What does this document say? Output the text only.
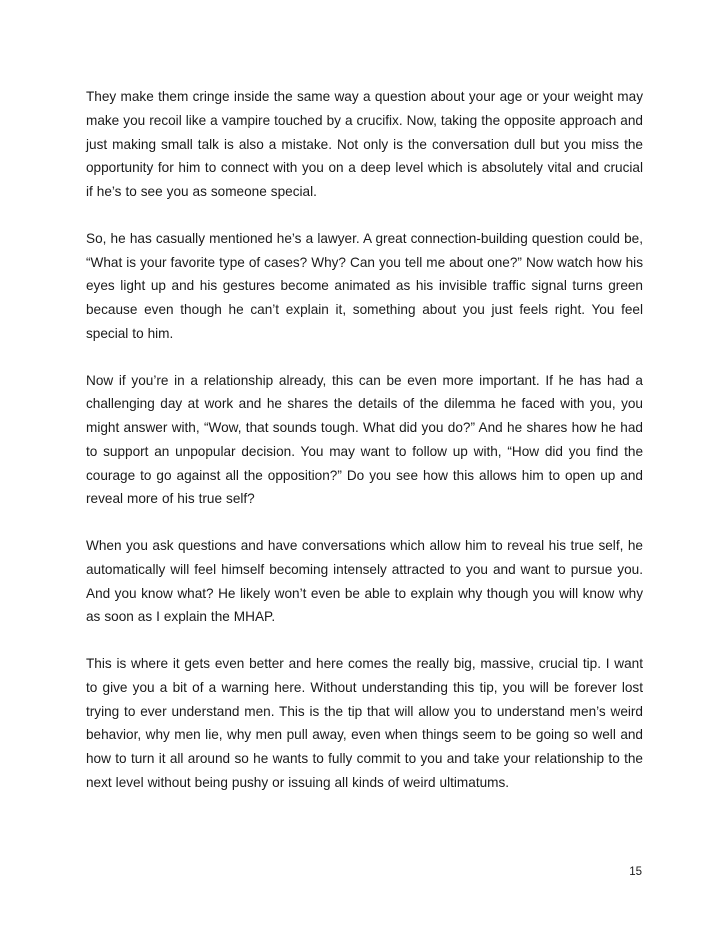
They make them cringe inside the same way a question about your age or your weight may make you recoil like a vampire touched by a crucifix. Now, taking the opposite approach and just making small talk is also a mistake. Not only is the conversation dull but you miss the opportunity for him to connect with you on a deep level which is absolutely vital and crucial if he’s to see you as someone special.

So, he has casually mentioned he’s a lawyer. A great connection-building question could be, “What is your favorite type of cases? Why? Can you tell me about one?” Now watch how his eyes light up and his gestures become animated as his invisible traffic signal turns green because even though he can’t explain it, something about you just feels right. You feel special to him.

Now if you’re in a relationship already, this can be even more important. If he has had a challenging day at work and he shares the details of the dilemma he faced with you, you might answer with, “Wow, that sounds tough. What did you do?” And he shares how he had to support an unpopular decision. You may want to follow up with, “How did you find the courage to go against all the opposition?” Do you see how this allows him to open up and reveal more of his true self?

When you ask questions and have conversations which allow him to reveal his true self, he automatically will feel himself becoming intensely attracted to you and want to pursue you. And you know what? He likely won’t even be able to explain why though you will know why as soon as I explain the MHAP.

This is where it gets even better and here comes the really big, massive, crucial tip. I want to give you a bit of a warning here. Without understanding this tip, you will be forever lost trying to ever understand men. This is the tip that will allow you to understand men’s weird behavior, why men lie, why men pull away, even when things seem to be going so well and how to turn it all around so he wants to fully commit to you and take your relationship to the next level without being pushy or issuing all kinds of weird ultimatums.

15
